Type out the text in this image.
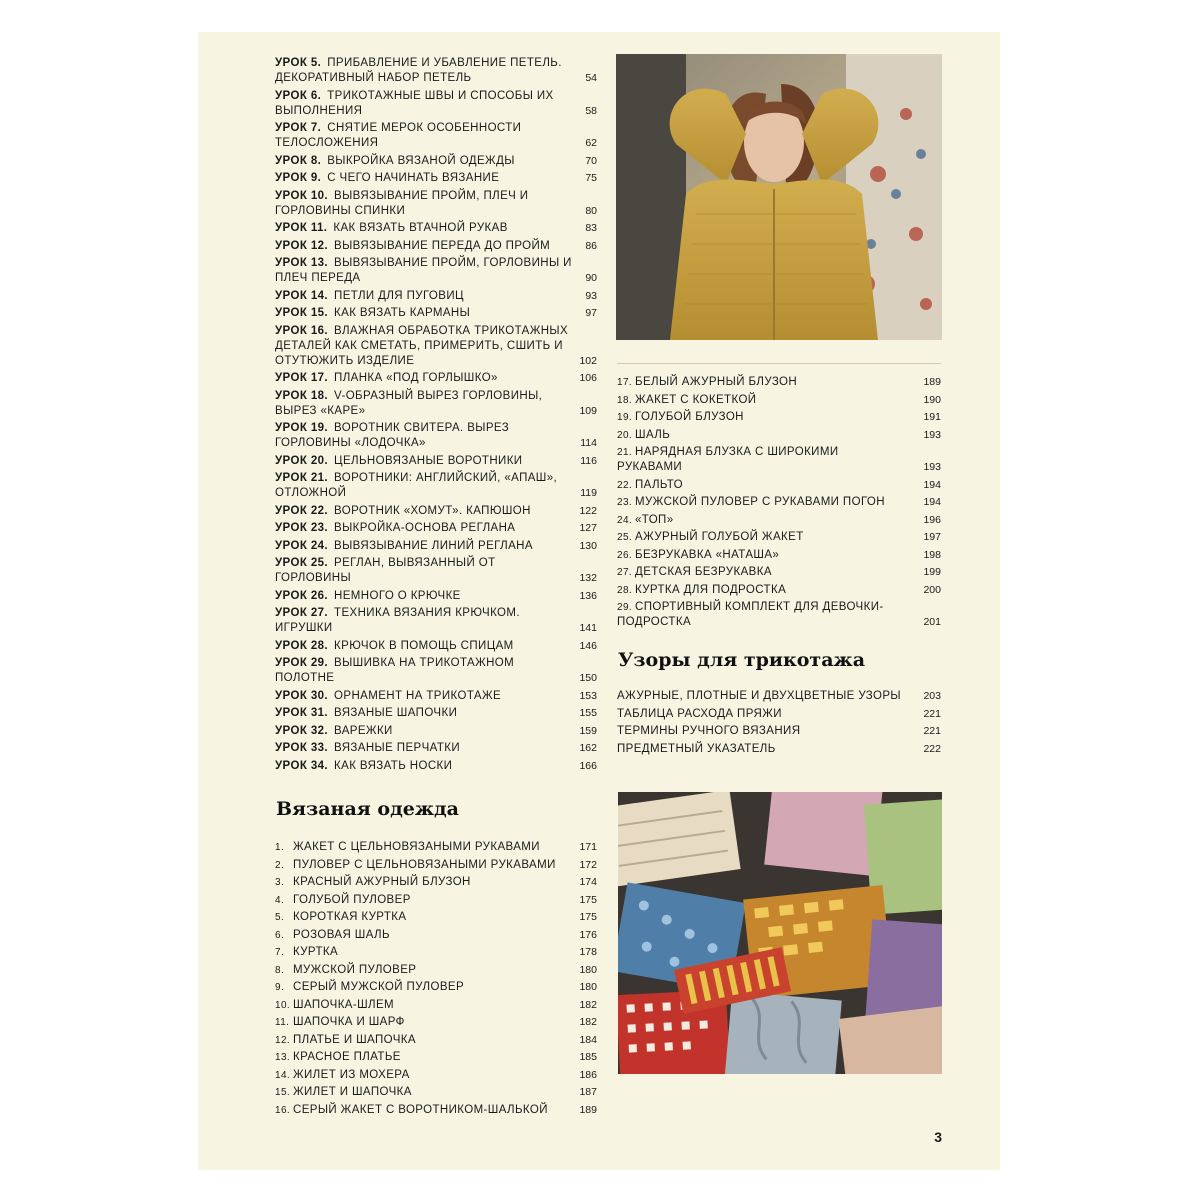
УРОК 5. ПРИБАВЛЕНИЕ И УБАВЛЕНИЕ ПЕТЕЛЬ. ДЕКОРАТИВНЫЙ НАБОР ПЕТЕЛЬ	54
УРОК 6. ТРИКОТАЖНЫЕ ШВЫ И СПОСОБЫ ИХ ВЫПОЛНЕНИЯ	58
УРОК 7. СНЯТИЕ МЕРОК ОСОБЕННОСТИ ТЕЛОСЛОЖЕНИЯ	62
УРОК 8. ВЫКРОЙКА ВЯЗАНОЙ ОДЕЖДЫ	70
УРОК 9. С ЧЕГО НАЧИНАТЬ ВЯЗАНИЕ	75
УРОК 10. ВЫВЯЗЫВАНИЕ ПРОЙМ, ПЛЕЧ И ГОРЛОВИНЫ СПИНКИ	80
УРОК 11. КАК ВЯЗАТЬ ВТАЧНОЙ РУКАВ	83
УРОК 12. ВЫВЯЗЫВАНИЕ ПЕРЕДА ДО ПРОЙМ	86
УРОК 13. ВЫВЯЗЫВАНИЕ ПРОЙМ, ГОРЛОВИНЫ И ПЛЕЧ ПЕРЕДА	90
УРОК 14. ПЕТЛИ ДЛЯ ПУГОВИЦ	93
УРОК 15. КАК ВЯЗАТЬ КАРМАНЫ	97
УРОК 16. ВЛАЖНАЯ ОБРАБОТКА ТРИКОТАЖНЫХ ДЕТАЛЕЙ КАК СМЕТАТЬ, ПРИМЕРИТЬ, СШИТЬ И ОТУТЮЖИТЬ ИЗДЕЛИЕ	102
УРОК 17. ПЛАНКА «ПОД ГОРЛЫШКО»	106
УРОК 18. V-ОБРАЗНЫЙ ВЫРЕЗ ГОРЛОВИНЫ, ВЫРЕЗ «КАРЕ»	109
УРОК 19. ВОРОТНИК СВИТЕРА. ВЫРЕЗ ГОРЛОВИНЫ «ЛОДОЧКА»	114
УРОК 20. ЦЕЛЬНОВЯЗАНЫЕ ВОРОТНИКИ	116
УРОК 21. ВОРОТНИКИ: АНГЛИЙСКИЙ, «АПАШ», ОТЛОЖНОЙ	119
УРОК 22. ВОРОТНИК «ХОМУТ». КАПЮШОН	122
УРОК 23. ВЫКРОЙКА-ОСНОВА РЕГЛАНА	127
УРОК 24. ВЫВЯЗЫВАНИЕ ЛИНИЙ РЕГЛАНА	130
УРОК 25. РЕГЛАН, ВЫВЯЗАННЫЙ ОТ ГОРЛОВИНЫ	132
УРОК 26. НЕМНОГО О КРЮЧКЕ	136
УРОК 27. ТЕХНИКА ВЯЗАНИЯ КРЮЧКОМ. ИГРУШКИ	141
УРОК 28. КРЮЧОК В ПОМОЩЬ СПИЦАМ	146
УРОК 29. ВЫШИВКА НА ТРИКОТАЖНОМ ПОЛОТНЕ	150
УРОК 30. ОРНАМЕНТ НА ТРИКОТАЖЕ	153
УРОК 31. ВЯЗАНЫЕ ШАПОЧКИ	155
УРОК 32. ВАРЕЖКИ	159
УРОК 33. ВЯЗАНЫЕ ПЕРЧАТКИ	162
УРОК 34. КАК ВЯЗАТЬ НОСКИ	166
17. БЕЛЫЙ АЖУРНЫЙ БЛУЗОН	189
18. ЖАКЕТ С КОКЕТКОЙ	190
19. ГОЛУБОЙ БЛУЗОН	191
20. ШАЛЬ	193
21. НАРЯДНАЯ БЛУЗКА С ШИРОКИМИ РУКАВАМИ	193
22. ПАЛЬТО	194
23. МУЖСКОЙ ПУЛОВЕР С РУКАВАМИ ПОГОН	194
24. «ТОП»	196
25. АЖУРНЫЙ ГОЛУБОЙ ЖАКЕТ	197
26. БЕЗРУКАВКА «НАТАША»	198
27. ДЕТСКАЯ БЕЗРУКАВКА	199
28. КУРТКА ДЛЯ ПОДРОСТКА	200
29. СПОРТИВНЫЙ КОМПЛЕКТ ДЛЯ ДЕВОЧКИ-ПОДРОСТКА	201
Узоры для трикотажа
АЖУРНЫЕ, ПЛОТНЫЕ И ДВУХЦВЕТНЫЕ УЗОРЫ	203
ТАБЛИЦА РАСХОДА ПРЯЖИ	221
ТЕРМИНЫ РУЧНОГО ВЯЗАНИЯ	221
ПРЕДМЕТНЫЙ УКАЗАТЕЛЬ	222
Вязаная одежда
1. ЖАКЕТ С ЦЕЛЬНОВЯЗАНЫМИ РУКАВАМИ	171
2. ПУЛОВЕР С ЦЕЛЬНОВЯЗАНЫМИ РУКАВАМИ	172
3. КРАСНЫЙ АЖУРНЫЙ БЛУЗОН	174
4. ГОЛУБОЙ ПУЛОВЕР	175
5. КОРОТКАЯ КУРТКА	175
6. РОЗОВАЯ ШАЛЬ	176
7. КУРТКА	178
8. МУЖСКОЙ ПУЛОВЕР	180
9. СЕРЫЙ МУЖСКОЙ ПУЛОВЕР	180
10. ШАПОЧКА-ШЛЕМ	182
11. ШАПОЧКА И ШАРФ	182
12. ПЛАТЬЕ И ШАПОЧКА	184
13. КРАСНОЕ ПЛАТЬЕ	185
14. ЖИЛЕТ ИЗ МОХЕРА	186
15. ЖИЛЕТ И ШАПОЧКА	187
16. СЕРЫЙ ЖАКЕТ С ВОРОТНИКОМ-ШАЛЬКОЙ	189
3
